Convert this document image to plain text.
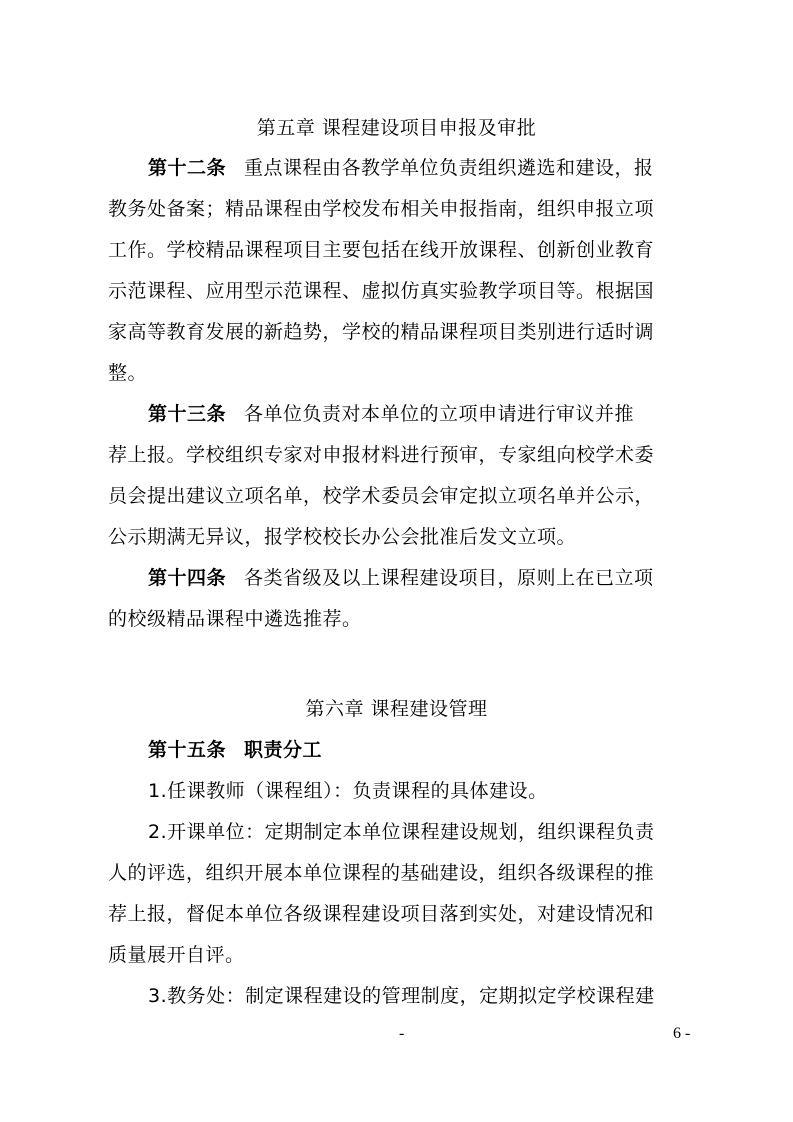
第五章 课程建设项目申报及审批

第十二条 重点课程由各教学单位负责组织遴选和建设，报

教务处备案；精品课程由学校发布相关申报指南，组织申报立项

工作。学校精品课程项目主要包括在线开放课程、创新创业教育

示范课程、应用型示范课程、虚拟仿真实验教学项目等。根据国

家高等教育发展的新趋势，学校的精品课程项目类别进行适时调

整。

第十三条 各单位负责对本单位的立项申请进行审议并推

荐上报。学校组织专家对申报材料进行预审，专家组向校学术委

员会提出建议立项名单，校学术委员会审定拟立项名单并公示，

公示期满无异议，报学校校长办公会批准后发文立项。

第十四条 各类省级及以上课程建设项目，原则上在已立项

的校级精品课程中遴选推荐。

第六章 课程建设管理

第十五条 职责分工

1.任课教师（课程组）：负责课程的具体建设。

2.开课单位：定期制定本单位课程建设规划，组织课程负责

人的评选，组织开展本单位课程的基础建设，组织各级课程的推

荐上报，督促本单位各级课程建设项目落到实处，对建设情况和

质量展开自评。

3.教务处：制定课程建设的管理制度，定期拟定学校课程建

-	6 -
